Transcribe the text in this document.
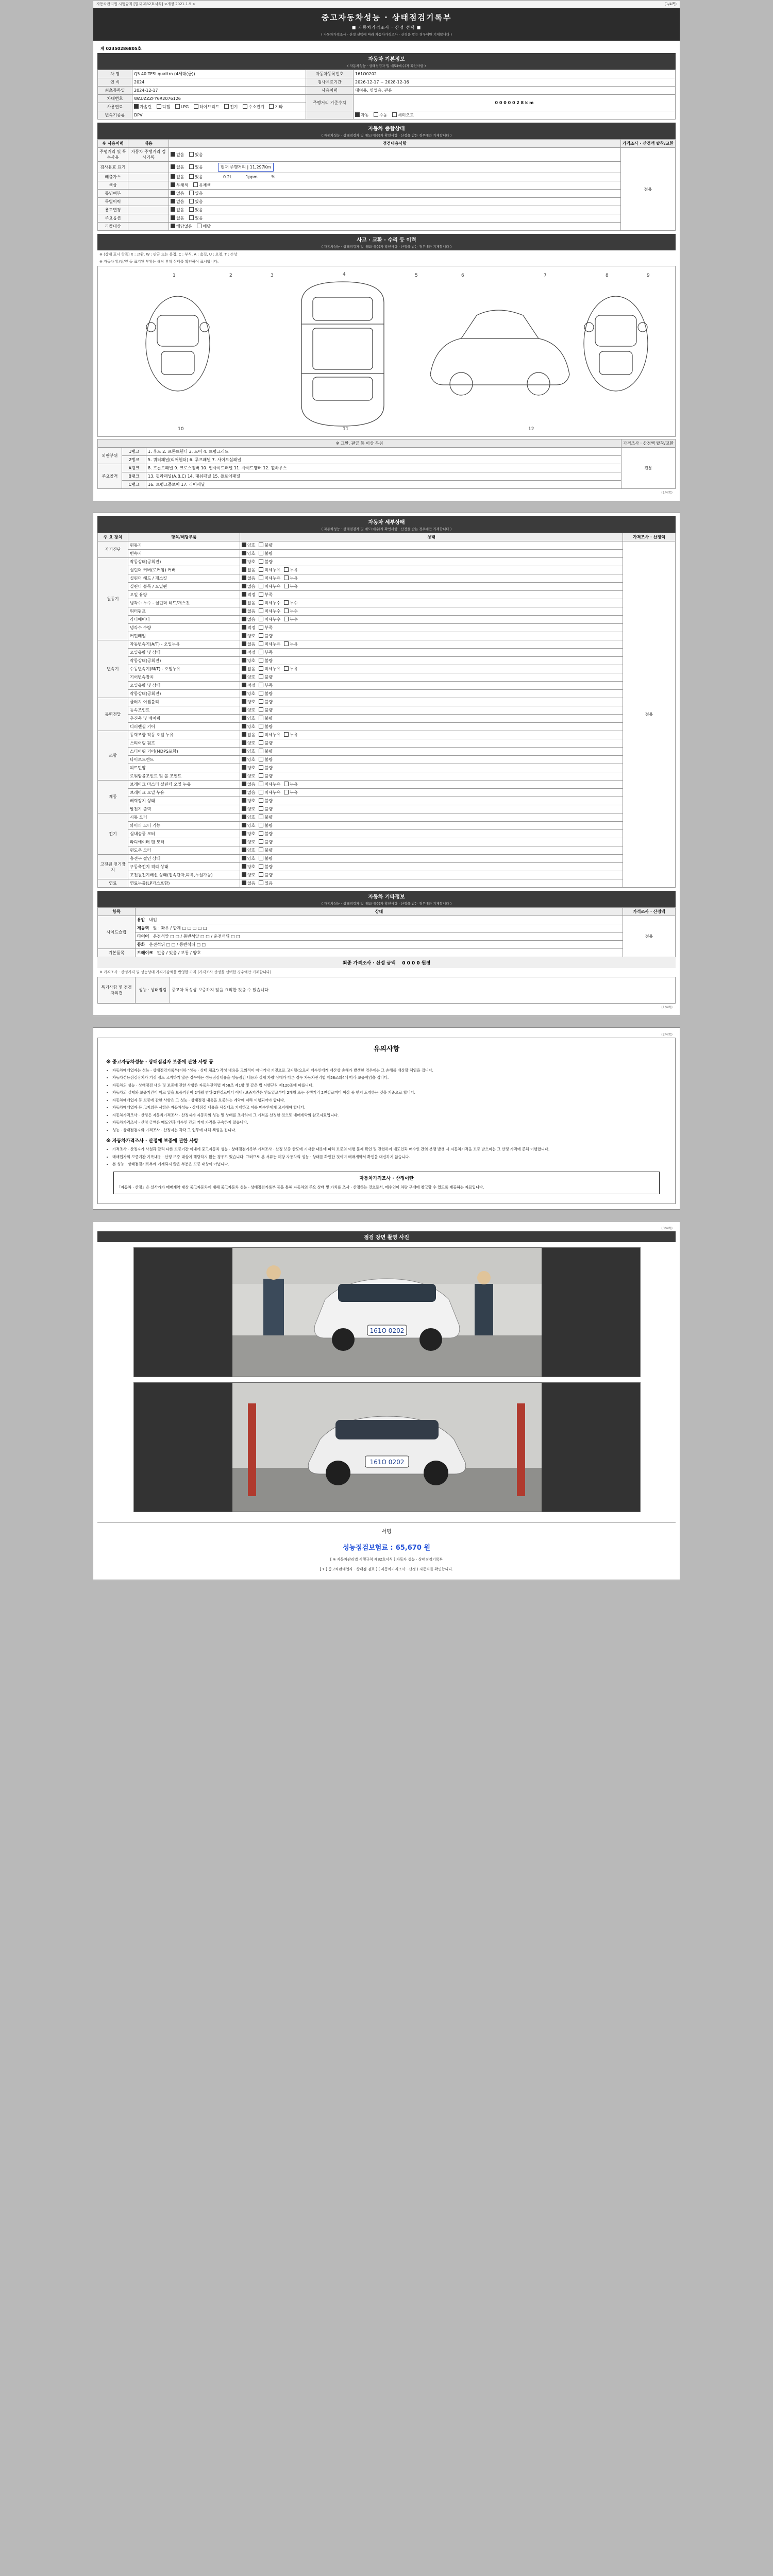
자동차관리법 시행규칙 [별지 제82호서식] <개정 2021.1.5.>	(1/4쪽)
중고자동차성능 · 상태점검기록부
■ 자동차가격조사 · 산정 선택 ■
( 자동차가격조사 · 산정 선택에 따라 자동차가격조사 · 산정을 받는 경우에만 기재합니다 )
제 02350286805호
자동차 기본정보
( 자동차성능 · 상태점검자 및 매도(매수)자 확인사항 )
차 명	Q5 40 TFSI quattro (4세대(급))	자동차등록번호	161O0202
연 식	2024	검사유효기간	2026-12-17 ~ 2028-12-16
최초등록일	2024-12-17	사용이력	대여용, 영업용, 관용
차대번호	WAUZZZFY6R2076126	주행거리 기준수치	0 0 0 0 0 2 8 k m
사용연료	가솔린 디젤 LPG 하이브리드 전기 수소전기 기타		
변속기종류	DPV		자동 수동 세미오토
자동차 종합상태
( 자동차성능 · 상태점검자 및 매도(매수)자 확인사항 · 산정을 받는 경우에만 기재합니다 )
※ 사용이력	내용	점검내용사항	가격조사 · 산정액 탈착/교환
주행거리 및 특수사용	자동차 주행거리 검사기록	없음 있음	전용
검사유효 표기		없음 있음 현재 주행거리 | 11,297Km	
배출가스		없음 있음 0.2L 1ppm %	
색상		무채색 유채색	
튜닝여부		없음 있음	
특별이력		없음 있음	
용도변경		없음 있음	
주요옵션		없음 있음	
리콜대상		해당없음 해당	
사고 · 교환 · 수리 등 이력
( 자동차성능 · 상태점검자 및 매도(매수)자 확인사항 · 산정을 받는 경우에만 기재합니다 )
※ (상태 표시 항목) X : 교환, W : 판금 또는 용접, C : 부식, A : 흠집, U : 요철, T : 손상
※ 자동차 앞/뒤/옆 등 표기된 부위는 해당 부위 상태를 확인하여 표시합니다.
1	2	3	4	5	6	7	8	9
10	11	12
※ 교환, 판금 등 이상 부위			가격조사 · 산정액 탈착/교환
외판부위	1랭크	1. 후드 2. 프론트휀더 3. 도어 4. 트렁크리드	전용
	2랭크	5. 쿼터패널(리어휀더) 6. 루프패널 7. 사이드실패널	
주요골격	A랭크	8. 프론트패널 9. 크로스멤버 10. 인사이드패널 11. 사이드멤버 12. 휠하우스	
	B랭크	13. 필라패널(A,B,C) 14. 대쉬패널 15. 플로어패널	
	C랭크	16. 트렁크플로어 17. 리어패널	
(1/4쪽)
자동차 세부상태
( 자동차성능 · 상태점검자 및 매도(매수)자 확인사항 · 산정을 받는 경우에만 기재합니다 )
주 요 장치	항목/해당부품	상태	가격조사 · 산정액
자기진단	원동기	양호 불량	전용
	변속기	양호 불량	
원동기	작동상태(공회전)	양호 불량	
	실린더 커버(로커암) 커버	없음 미세누유 누유	
	실린더 헤드 / 개스킷	없음 미세누유 누유	
	실린더 블록 / 오일팬	없음 미세누유 누유	
	오일 유량	적정 부족	
	냉각수 누수 - 실린더 헤드/개스킷	없음 미세누수 누수	
	워터펌프	없음 미세누수 누수	
	라디에이터	없음 미세누수 누수	
	냉각수 수량	적정 부족	
	커먼레일	양호 불량	
변속기	자동변속기(A/T) - 오일누유	없음 미세누유 누유	
	오일유량 및 상태	적정 부족	
	작동상태(공회전)	양호 불량	
	수동변속기(M/T) - 오일누유	없음 미세누유 누유	
	기어변속장치	양호 불량	
	오일유량 및 상태	적정 부족	
	작동상태(공회전)	양호 불량	
동력전달	클러치 어셈블리	양호 불량	
	등속조인트	양호 불량	
	추진축 및 베어링	양호 불량	
	디퍼렌셜 기어	양호 불량	
조향	동력조향 작동 오일 누유	없음 미세누유 누유	
	스티어링 펌프	양호 불량	
	스티어링 기어(MDPS포함)	양호 불량	
	타이로드엔드	양호 불량	
	피트먼암	양호 불량	
	로워암볼조인트 및 볼 조인트	양호 불량	
제동	브레이크 마스터 실린더 오일 누유	없음 미세누유 누유	
	브레이크 오일 누유	없음 미세누유 누유	
	배력장치 상태	양호 불량	
	발전기 출력	양호 불량	
전기	시동 모터	양호 불량	
	와이퍼 모터 기능	양호 불량	
	실내송풍 모터	양호 불량	
	라디에이터 팬 모터	양호 불량	
	윈도우 모터	양호 불량	
고전원 전기장치	충전구 절연 상태	양호 불량	
	구동축전지 격리 상태	양호 불량	
	고전원전기배선 상태(접속단자,피복,누설가능)	양호 불량	
연료	연료누출(LP가스포함)	없음 있음	
자동차 기타정보
( 자동차성능 · 상태점검자 및 매도(매수)자 확인사항 · 산정을 받는 경우에만 기재합니다 )
항목	상태	가격조사 · 산정액
사이드슬립	유압 내입	전용
	제동력 앞 : 좌우 / 합계 □ □ □ □ □	
	타이어 운전석앞 □ □ / 동반석앞 □ □ / 운전석뒤 □ □	
	등화 운전석뒤 □ □ / 동반석뒤 □ □	
기본품목	브레이크 없음 / 있음 / 보통 / 양호	
최종 가격조사 · 산정 금액 0 0 0 0 원정
※ 가격조사 · 산정가격 및 성능상태 가격가감액을 반영한 가격 (가격조사 산정을 선택한 경우에만 기재합니다)
특기사항 및 점검자의견	성능 · 상태점검	중고차 특성상 보증하지 않을 요의한 것을 수 있습니다.
(1/4쪽)
(2/4쪽)
유의사항
※ 중고자동차성능 · 상태점검자 보증에 관한 사항 등
• 자동차매매업자는 성능 · 상태점검기록부(이하 "성능 · 상태 체크") 작성 내용을 고의적이 아니거나 거짓으로 고지할(으로써 매수인에게 재산상 손해가 발생한 경우에는 그 손해를 배상할 책임을 집니다.
• 자동차성능점검장치가 거짓 정도 고지하기 않은 경우에는 성능점검내용을 성능점검 내용과 실제 차량 상태가 다른 경우 자동차관리법 제58조의4에 따라 보증책임을 집니다.
• 자동차의 성능 · 상태점검 내용 및 보증에 관한 사항은 자동차관리법 제58조 제1항 및 같은 법 시행규칙 제120조에 따릅니다.
• 자동차의 실제와 보증기간이 따로 있을 보증기간이 2개월 범위(2천킬로미터 이내) 보증기간은 인도일로부터 2개월 또는 주행거리 2천킬로미터 이상 중 먼저 도래하는 것을 기준으로 합니다.
• 자동차매매업자 등 보증에 관한 사항은 그 성능 · 상태점검 내용을 보증하는 계약에 따라 이행되어야 합니다.
• 자동차매매업자 등 고지의무 사항은 자동차성능 · 상태점검 내용을 사실대로 기재하고 이를 매수인에게 고지해야 합니다.
• 자동차가격조사 · 산정은 자동차가격조사 · 산정자가 자동차의 성능 및 상태를 조사하여 그 가격을 산정한 것으로 매매계약의 참고자료입니다.
• 자동차가격조사 · 산정 금액은 매도인과 매수인 간의 거래 가격을 구속하지 않습니다.
• 성능 · 상태점검자와 가격조사 · 산정자는 각각 그 업무에 대해 책임을 집니다.
※ 자동차가격조사 · 산정에 보증에 관한 사항
• 가격조사 · 산정자가 사실과 달리 다른 보증기간 이내에 중고자동차 성능 · 상태점검기록부 가격조사 · 산정 보증 한도에 기재한 내용에 따라 보증의 이행 문제 확인 및 관련하여 매도인과 매수인 간의 분쟁 발생 시 자동차가격을 보증 받으며는 그 산정 가격에 준해 이행합니다.
• 매매업자의 보증기간 기록내용 · 산정 보증 대상에 해당하지 않는 경우도 있습니다. 그러므로 본 서류는 해당 자동차의 성능 · 상태를 확인한 것이며 매매계약서 확인을 대신하지 않습니다.
• 본 성능 · 상태점검기록부에 기재되지 않은 부분은 보증 대상이 아닙니다.
자동차가격조사 · 산정이란
「자동차 · 산정」은 실사가가 매매계약 대상 중고자동차에 대해 중고자동차 성능 · 상태점검기록부 등을 통해 자동차의 주요 상태 및 가치를 조사 · 산정하는 것으로서, 매수인이 차량 구매에 참고할 수 있도록 제공하는 자료입니다.
(3/4쪽)
점검 장면 촬영 사진
161O 0202
161O 0202
서명
성능점검보험료 : 65,670 원
[ ※ 자동차관리법 시행규칙 제82호서식 ] 자동차 성능 · 상태점검기록부
[ Y ] 중고차판매업자 · 상태점 검표 ] [ 자동차가격조사 · 산정 ) 자동차를 확인합니다.
